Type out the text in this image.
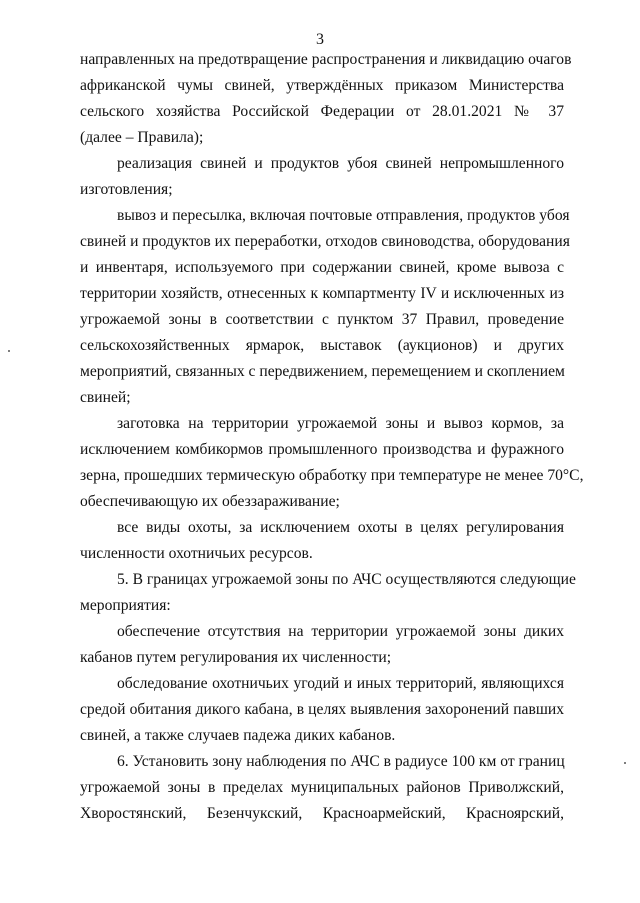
3
направленных на предотвращение распространения и ликвидацию очагов
африканской чумы свиней, утверждённых приказом Министерства
сельского хозяйства Российской Федерации от 28.01.2021 № 37
(далее – Правила);
реализация свиней и продуктов убоя свиней непромышленного
изготовления;
вывоз и пересылка, включая почтовые отправления, продуктов убоя
свиней и продуктов их переработки, отходов свиноводства, оборудования
и инвентаря, используемого при содержании свиней, кроме вывоза с
территории хозяйств, отнесенных к компартменту IV и исключенных из
угрожаемой зоны в соответствии с пунктом 37 Правил, проведение
сельскохозяйственных ярмарок, выставок (аукционов) и других
мероприятий, связанных с передвижением, перемещением и скоплением
свиней;
заготовка на территории угрожаемой зоны и вывоз кормов, за
исключением комбикормов промышленного производства и фуражного
зерна, прошедших термическую обработку при температуре не менее 70°C,
обеспечивающую их обеззараживание;
все виды охоты, за исключением охоты в целях регулирования
численности охотничьих ресурсов.
5. В границах угрожаемой зоны по АЧС осуществляются следующие
мероприятия:
обеспечение отсутствия на территории угрожаемой зоны диких
кабанов путем регулирования их численности;
обследование охотничьих угодий и иных территорий, являющихся
средой обитания дикого кабана, в целях выявления захоронений павших
свиней, а также случаев падежа диких кабанов.
6. Установить зону наблюдения по АЧС в радиусе 100 км от границ
угрожаемой зоны в пределах муниципальных районов Приволжский,
Хворостянский, Безенчукский, Красноармейский, Красноярский,
